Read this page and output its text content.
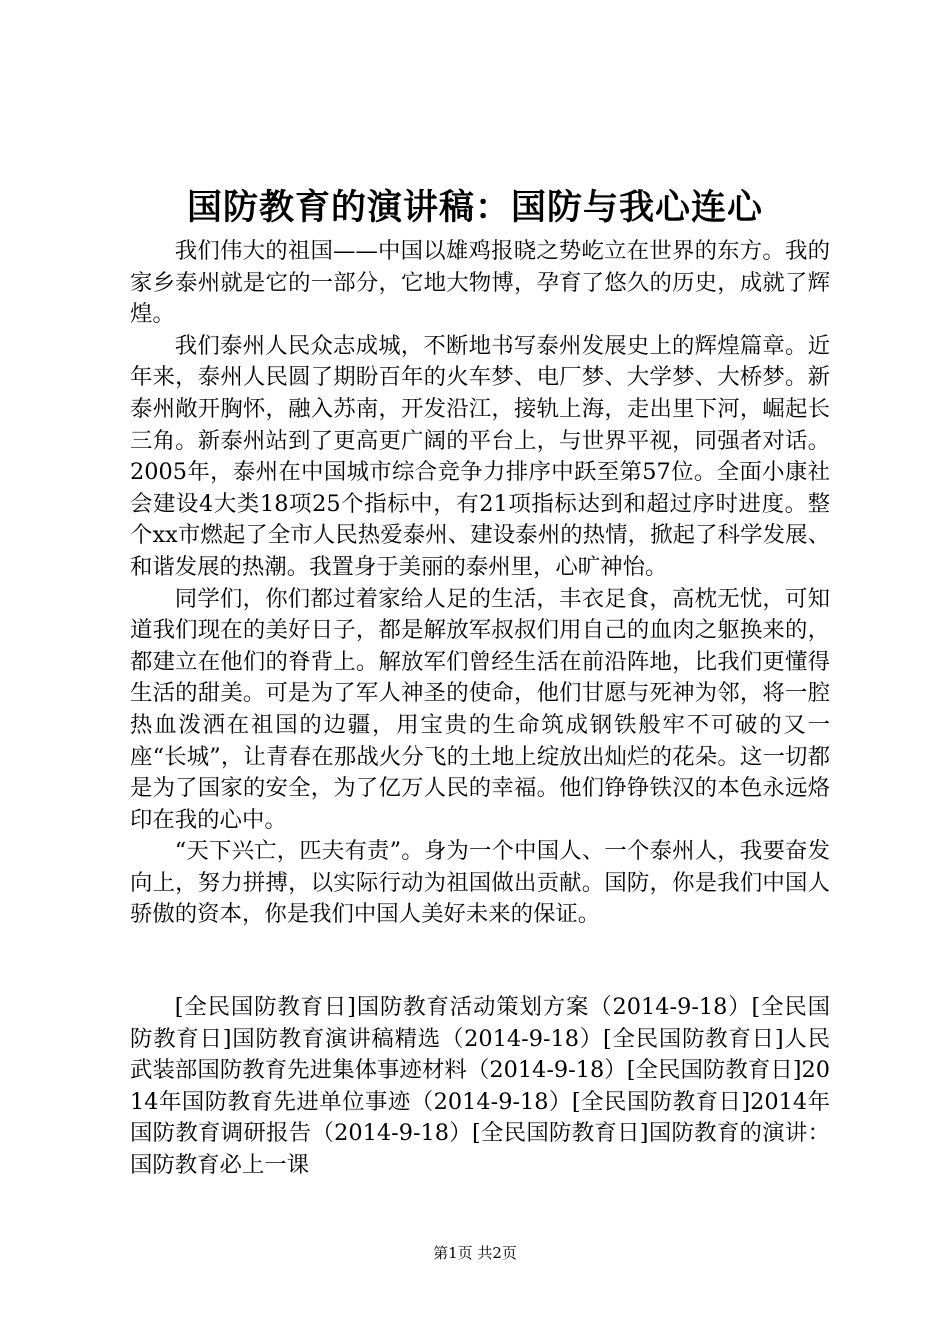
国防教育的演讲稿：国防与我心连心

我们伟大的祖国——中国以雄鸡报晓之势屹立在世界的东方。我的家乡泰州就是它的一部分，它地大物博，孕育了悠久的历史，成就了辉煌。

我们泰州人民众志成城，不断地书写泰州发展史上的辉煌篇章。近年来，泰州人民圆了期盼百年的火车梦、电厂梦、大学梦、大桥梦。新泰州敞开胸怀，融入苏南，开发沿江，接轨上海，走出里下河，崛起长三角。新泰州站到了更高更广阔的平台上，与世界平视，同强者对话。2005年，泰州在中国城市综合竞争力排序中跃至第57位。全面小康社会建设4大类18项25个指标中，有21项指标达到和超过序时进度。整个xx市燃起了全市人民热爱泰州、建设泰州的热情，掀起了科学发展、和谐发展的热潮。我置身于美丽的泰州里，心旷神怡。

同学们，你们都过着家给人足的生活，丰衣足食，高枕无忧，可知道我们现在的美好日子，都是解放军叔叔们用自己的血肉之躯换来的，都建立在他们的脊背上。解放军们曾经生活在前沿阵地，比我们更懂得生活的甜美。可是为了军人神圣的使命，他们甘愿与死神为邻，将一腔热血泼洒在祖国的边疆，用宝贵的生命筑成钢铁般牢不可破的又一座“长城”，让青春在那战火分飞的土地上绽放出灿烂的花朵。这一切都是为了国家的安全，为了亿万人民的幸福。他们铮铮铁汉的本色永远烙印在我的心中。

“天下兴亡，匹夫有责”。身为一个中国人、一个泰州人，我要奋发向上，努力拼搏，以实际行动为祖国做出贡献。国防，你是我们中国人骄傲的资本，你是我们中国人美好未来的保证。

[全民国防教育日]国防教育活动策划方案（2014-9-18）[全民国防教育日]国防教育演讲稿精选（2014-9-18）[全民国防教育日]人民武装部国防教育先进集体事迹材料（2014-9-18）[全民国防教育日]2014年国防教育先进单位事迹（2014-9-18）[全民国防教育日]2014年国防教育调研报告（2014-9-18）[全民国防教育日]国防教育的演讲：国防教育必上一课
第1页 共2页
